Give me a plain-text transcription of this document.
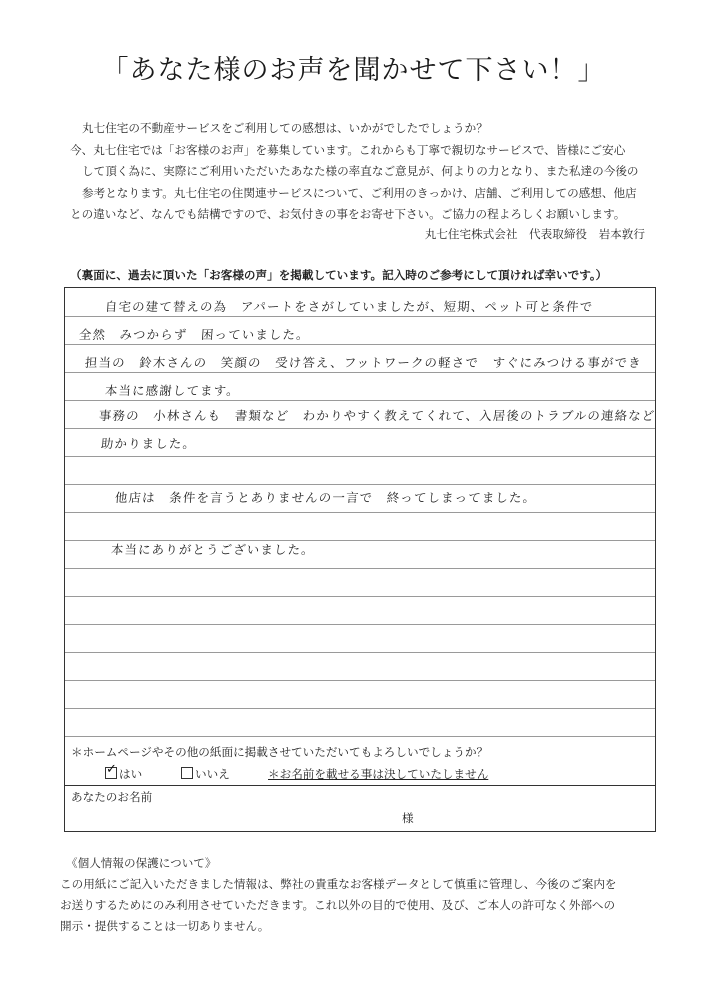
「あなた様のお声を聞かせて下さい！」

丸七住宅の不動産サービスをご利用しての感想は、いかがでしたでしょうか？

今、丸七住宅では「お客様のお声」を募集しています。これからも丁寧で親切なサービスで、皆様にご安心

して頂く為に、実際にご利用いただいたあなた様の率直なご意見が、何よりの力となり、また私達の今後の

参考となります。丸七住宅の住関連サービスについて、ご利用のきっかけ、店舗、ご利用しての感想、他店

との違いなど、なんでも結構ですので、お気付きの事をお寄せ下さい。ご協力の程よろしくお願いします。

丸七住宅株式会社　代表取締役　岩本敦行
（裏面に、過去に頂いた「お客様の声」を掲載しています。記入時のご参考にして頂ければ幸いです。）
自宅の建て替えの為　アパートをさがしていましたが、短期、ペット可と条件で
全然　みつからず　困っていました。
担当の　鈴木さんの　笑顔の　受け答え、フットワークの軽さで　すぐにみつける事ができ
本当に感謝してます。
事務の　小林さんも　書類など　わかりやすく教えてくれて、入居後のトラブルの連絡など
助かりました。
他店は　条件を言うとありませんの一言で　終ってしまってました。
本当にありがとうございました。
＊ホームページやその他の紙面に掲載させていただいてもよろしいでしょうか？
✓はい	いいえ	＊お名前を載せる事は決していたしません
あなたのお名前
様

《個人情報の保護について》

この用紙にご記入いただきました情報は、弊社の貴重なお客様データとして慎重に管理し、今後のご案内を

お送りするためにのみ利用させていただきます。これ以外の目的で使用、及び、ご本人の許可なく外部への

開示・提供することは一切ありません。
